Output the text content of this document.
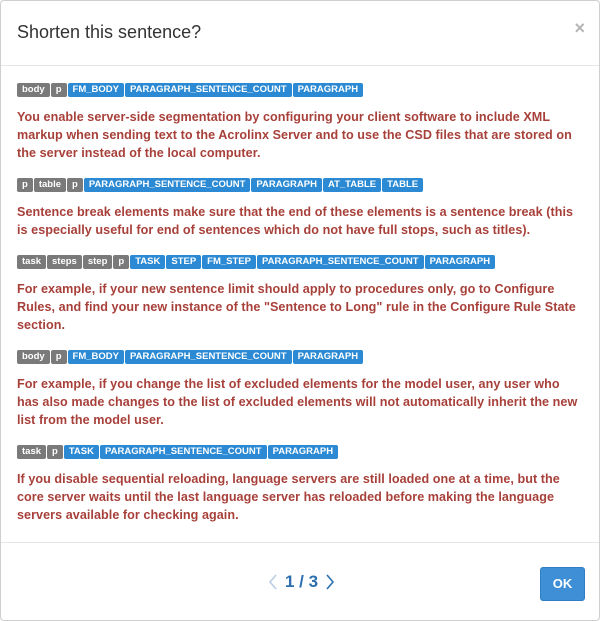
Shorten this sentence?	×
body p FM_BODY PARAGRAPH_SENTENCE_COUNT PARAGRAPH
You enable server-side segmentation by configuring your client software to include XML markup when sending text to the Acrolinx Server and to use the CSD files that are stored on the server instead of the local computer.
p table p PARAGRAPH_SENTENCE_COUNT PARAGRAPH AT_TABLE TABLE
Sentence break elements make sure that the end of these elements is a sentence break (this is especially useful for end of sentences which do not have full stops, such as titles).
task steps step p TASK STEP FM_STEP PARAGRAPH_SENTENCE_COUNT PARAGRAPH
For example, if your new sentence limit should apply to procedures only, go to Configure Rules, and find your new instance of the "Sentence to Long" rule in the Configure Rule State section.
body p FM_BODY PARAGRAPH_SENTENCE_COUNT PARAGRAPH
For example, if you change the list of excluded elements for the model user, any user who has also made changes to the list of excluded elements will not automatically inherit the new list from the model user.
task p TASK PARAGRAPH_SENTENCE_COUNT PARAGRAPH
If you disable sequential reloading, language servers are still loaded one at a time, but the core server waits until the last language server has reloaded before making the language servers available for checking again.
1 / 3	OK
